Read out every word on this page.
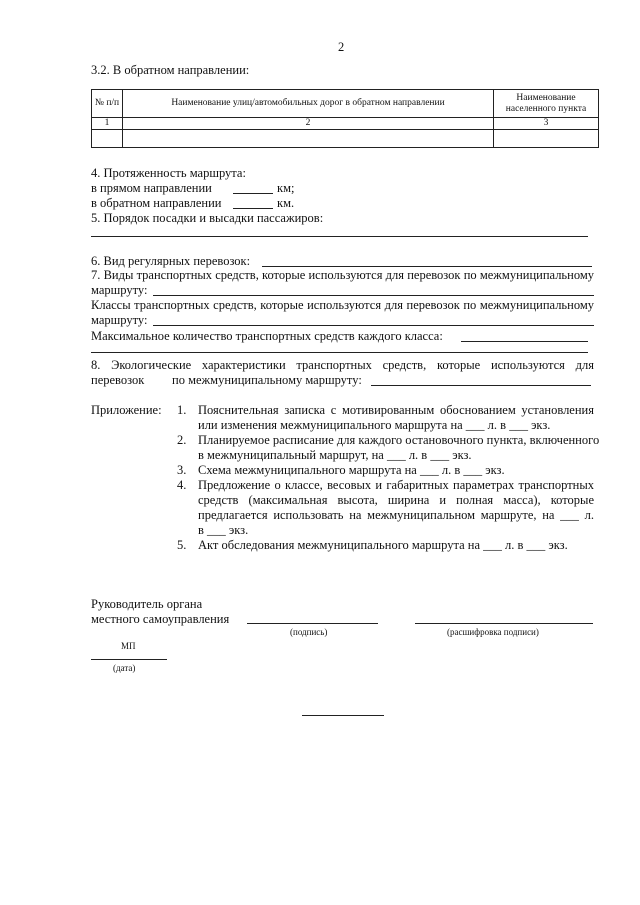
2
3.2. В обратном направлении:
№ п/п	Наименование улиц/автомобильных дорог в обратном направлении	Наименование населенного пункта
1	2	3

4. Протяженность маршрута:
в прямом направлении	км;
в обратном направлении	км.
5. Порядок посадки и высадки пассажиров:
6. Вид регулярных перевозок:
7. Виды транспортных средств, которые используются для перевозок по межмуниципальному
маршруту:
Классы транспортных средств, которые используются для перевозок по межмуниципальному
маршруту:
Максимальное количество транспортных средств каждого класса:
8. Экологические характеристики транспортных средств, которые используются для
перевозок по межмуниципальному маршруту:
Приложение: 1. Пояснительная записка с мотивированным обоснованием установления
или изменения межмуниципального маршрута на ___ л. в ___ экз.
2. Планируемое расписание для каждого остановочного пункта, включенного
в межмуниципальный маршрут, на ___ л. в ___ экз.
3. Схема межмуниципального маршрута на ___ л. в ___ экз.
4. Предложение о классе, весовых и габаритных параметрах транспортных
средств (максимальная высота, ширина и полная масса), которые
предлагается использовать на межмуниципальном маршруте, на ___ л.
в ___ экз.
5. Акт обследования межмуниципального маршрута на ___ л. в ___ экз.
Руководитель органа
местного самоуправления
(подпись)	(расшифровка подписи)
МП
(дата)
